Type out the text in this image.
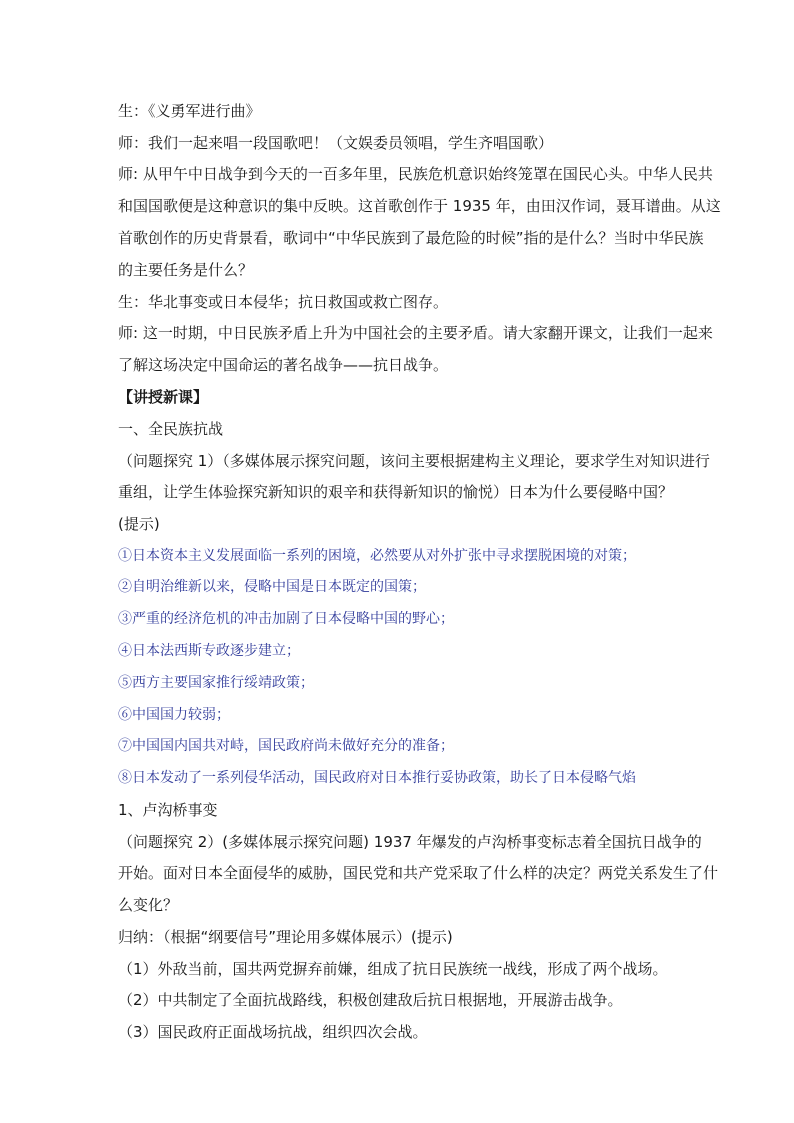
生：《义勇军进行曲》
师：我们一起来唱一段国歌吧！（文娱委员领唱，学生齐唱国歌）
师: 从甲午中日战争到今天的一百多年里，民族危机意识始终笼罩在国民心头。中华人民共
和国国歌便是这种意识的集中反映。这首歌创作于 1935 年，由田汉作词，聂耳谱曲。从这
首歌创作的历史背景看，歌词中“中华民族到了最危险的时候”指的是什么？当时中华民族
的主要任务是什么？
生：华北事变或日本侵华；抗日救国或救亡图存。
师: 这一时期，中日民族矛盾上升为中国社会的主要矛盾。请大家翻开课文，让我们一起来
了解这场决定中国命运的著名战争——抗日战争。
【讲授新课】
一、全民族抗战
（问题探究 1）（多媒体展示探究问题，该问主要根据建构主义理论，要求学生对知识进行
重组，让学生体验探究新知识的艰辛和获得新知识的愉悦）日本为什么要侵略中国？
(提示)
①日本资本主义发展面临一系列的困境，必然要从对外扩张中寻求摆脱困境的对策；
②自明治维新以来，侵略中国是日本既定的国策；
③严重的经济危机的冲击加剧了日本侵略中国的野心；
④日本法西斯专政逐步建立；
⑤西方主要国家推行绥靖政策；
⑥中国国力较弱；
⑦中国国内国共对峙，国民政府尚未做好充分的准备；
⑧日本发动了一系列侵华活动，国民政府对日本推行妥协政策，助长了日本侵略气焰
1、卢沟桥事变
（问题探究 2）(多媒体展示探究问题) 1937 年爆发的卢沟桥事变标志着全国抗日战争的
开始。面对日本全面侵华的威胁，国民党和共产党采取了什么样的决定？两党关系发生了什
么变化？
归纳：（根据“纲要信号”理论用多媒体展示）(提示)
（1）外敌当前，国共两党摒弃前嫌，组成了抗日民族统一战线，形成了两个战场。
（2）中共制定了全面抗战路线，积极创建敌后抗日根据地，开展游击战争。
（3）国民政府正面战场抗战，组织四次会战。
